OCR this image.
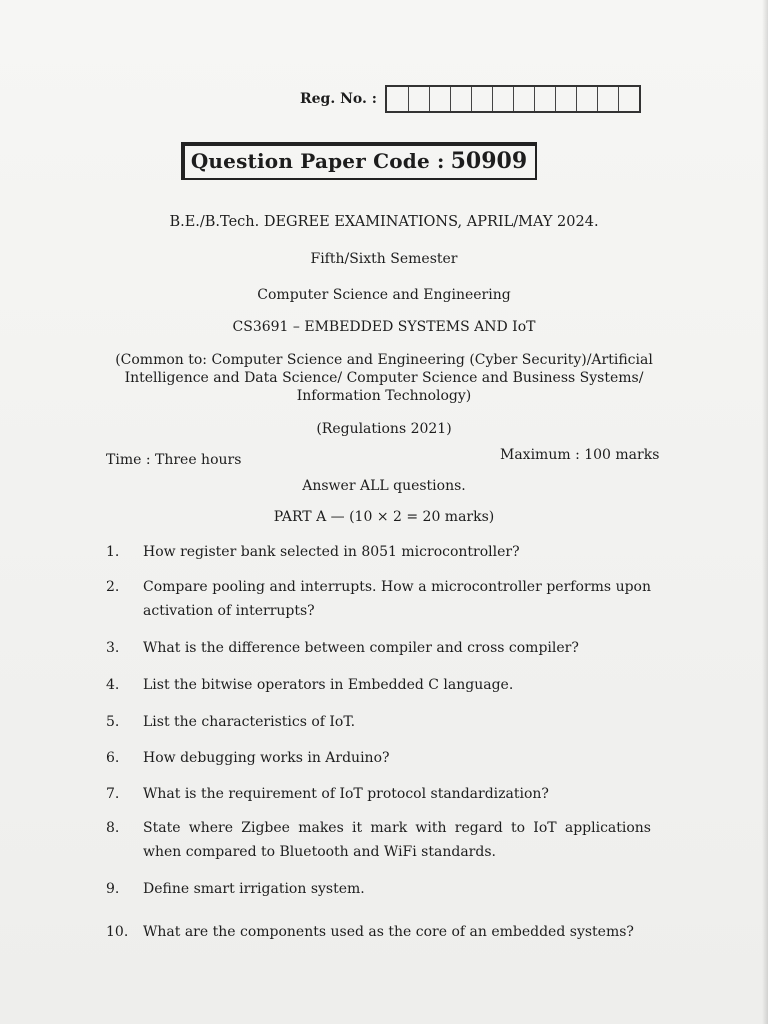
Reg. No. :
Question Paper Code : 50909
B.E./B.Tech. DEGREE EXAMINATIONS, APRIL/MAY 2024.
Fifth/Sixth Semester
Computer Science and Engineering
CS3691 – EMBEDDED SYSTEMS AND IoT
(Common to: Computer Science and Engineering (Cyber Security)/Artificial
Intelligence and Data Science/ Computer Science and Business Systems/
Information Technology)
(Regulations 2021)
Time : Three hours	Maximum : 100 marks
Answer ALL questions.
PART A — (10 × 2 = 20 marks)
1.	How register bank selected in 8051 microcontroller?
2.	Compare pooling and interrupts. How a microcontroller performs upon activation of interrupts?
3.	What is the difference between compiler and cross compiler?
4.	List the bitwise operators in Embedded C language.
5.	List the characteristics of IoT.
6.	How debugging works in Arduino?
7.	What is the requirement of IoT protocol standardization?
8.	State where Zigbee makes it mark with regard to IoT applications when compared to Bluetooth and WiFi standards.
9.	Define smart irrigation system.
10.	What are the components used as the core of an embedded systems?
